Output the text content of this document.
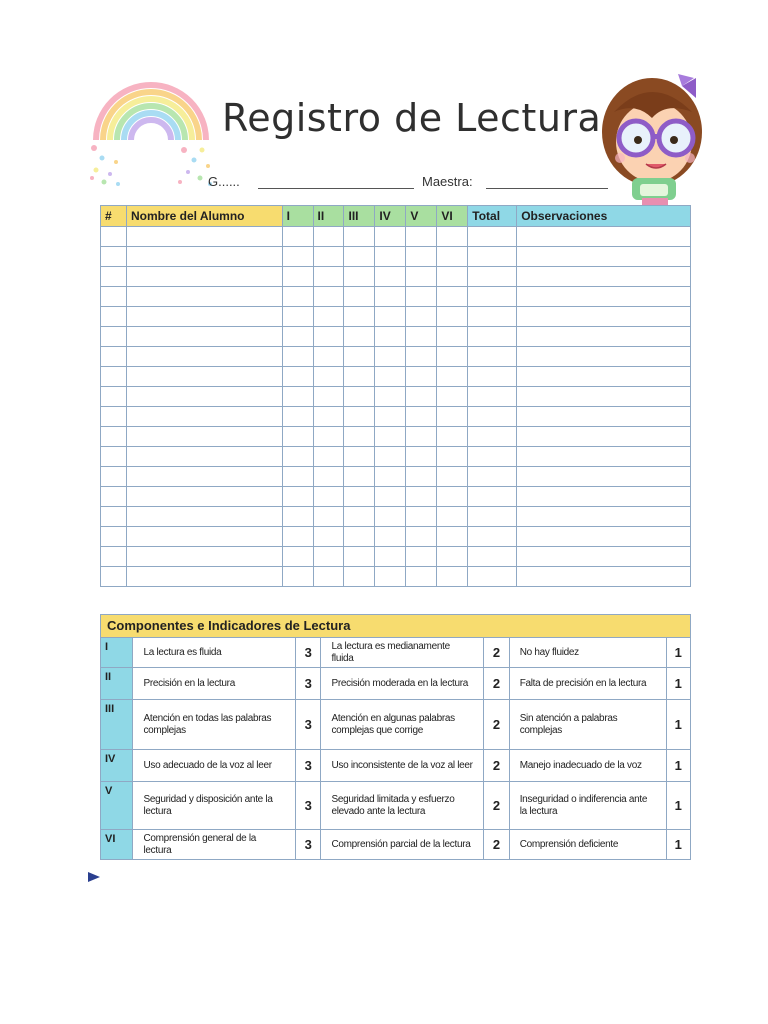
Registro de Lectura
G......	Maestra:
#	Nombre del Alumno	I	II	III	IV	V	VI	Total	Observaciones

Componentes e Indicadores de Lectura						
I	La lectura es fluida	3	La lectura es medianamente fluida	2	No hay fluidez	1
II	Precisión en la lectura	3	Precisión moderada en la lectura	2	Falta de precisión en la lectura	1
III	Atención en todas las palabras complejas	3	Atención en algunas palabras complejas que corrige	2	Sin atención a palabras complejas	1
IV	Uso adecuado de la voz al leer	3	Uso inconsistente de la voz al leer	2	Manejo inadecuado de la voz	1
V	Seguridad y disposición ante la lectura	3	Seguridad limitada y esfuerzo elevado ante la lectura	2	Inseguridad o indiferencia ante la lectura	1
VI	Comprensión general de la lectura	3	Comprensión parcial de la lectura	2	Comprensión deficiente	1
